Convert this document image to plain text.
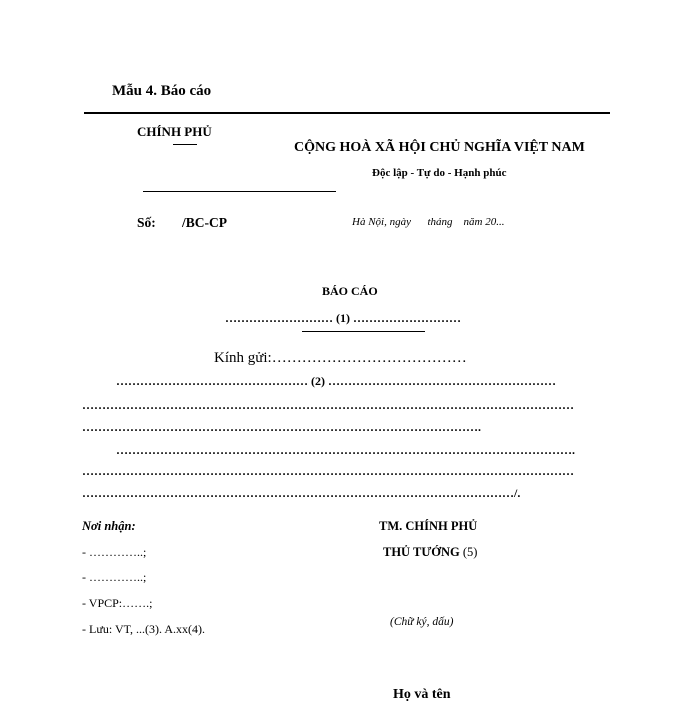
Mẫu 4. Báo cáo
CHÍNH PHỦ
CỘNG HOÀ XÃ HỘI CHỦ NGHĨA VIỆT NAM
Độc lập - Tự do - Hạnh phúc
Số: /BC-CP	Hà Nội, ngày      tháng    năm 20...
BÁO CÁO
……………………… (1) ………………………
Kính gửi:…………………………………
………………………………………… (2) …………………………………………………
……………………………………………………………………………………………………………
……………………………………………………………………………………….
…………………………………………………………………………………………………….
……………………………………………………………………………………………………………
………………………………………………………………………………………………/.
Nơi nhận:
- …………..;
- …………..;
- VPCP:…….;
- Lưu: VT, ...(3). A.xx(4).
TM. CHÍNH PHỦ
THỦ TƯỚNG (5)
(Chữ ký, dấu)
Họ và tên
